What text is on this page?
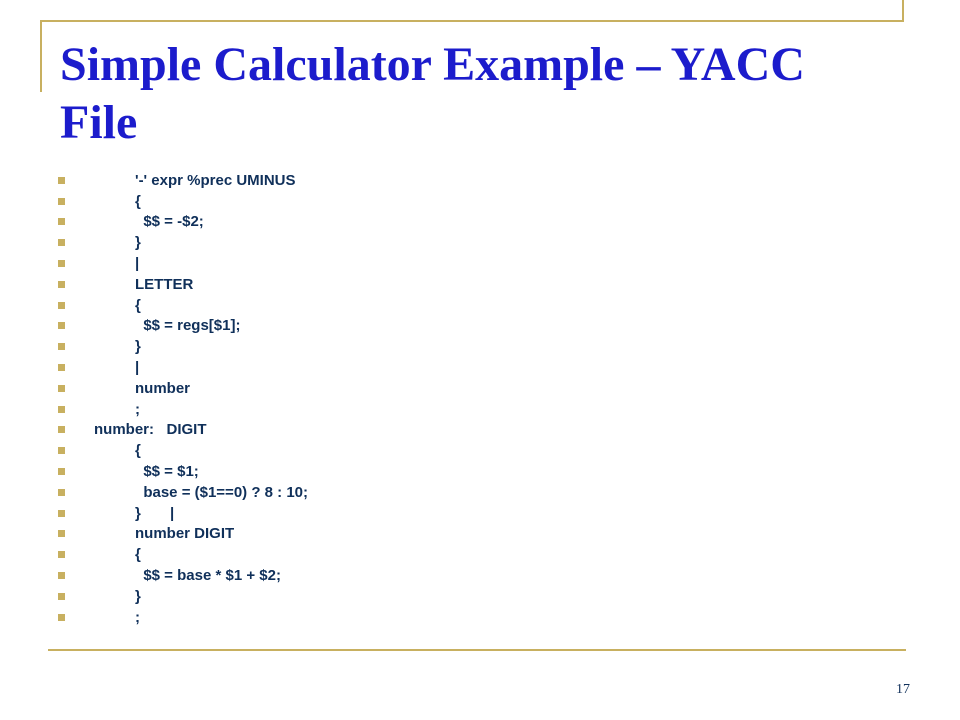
Simple Calculator Example – YACC File
'-' expr %prec UMINUS
{
$$ = -$2;
}
|
LETTER
{
$$ = regs[$1];
}
|
number
;
number:   DIGIT
{
$$ = $1;
base = ($1==0) ? 8 : 10;
}       |
number DIGIT
{
$$ = base * $1 + $2;
}
;
17
